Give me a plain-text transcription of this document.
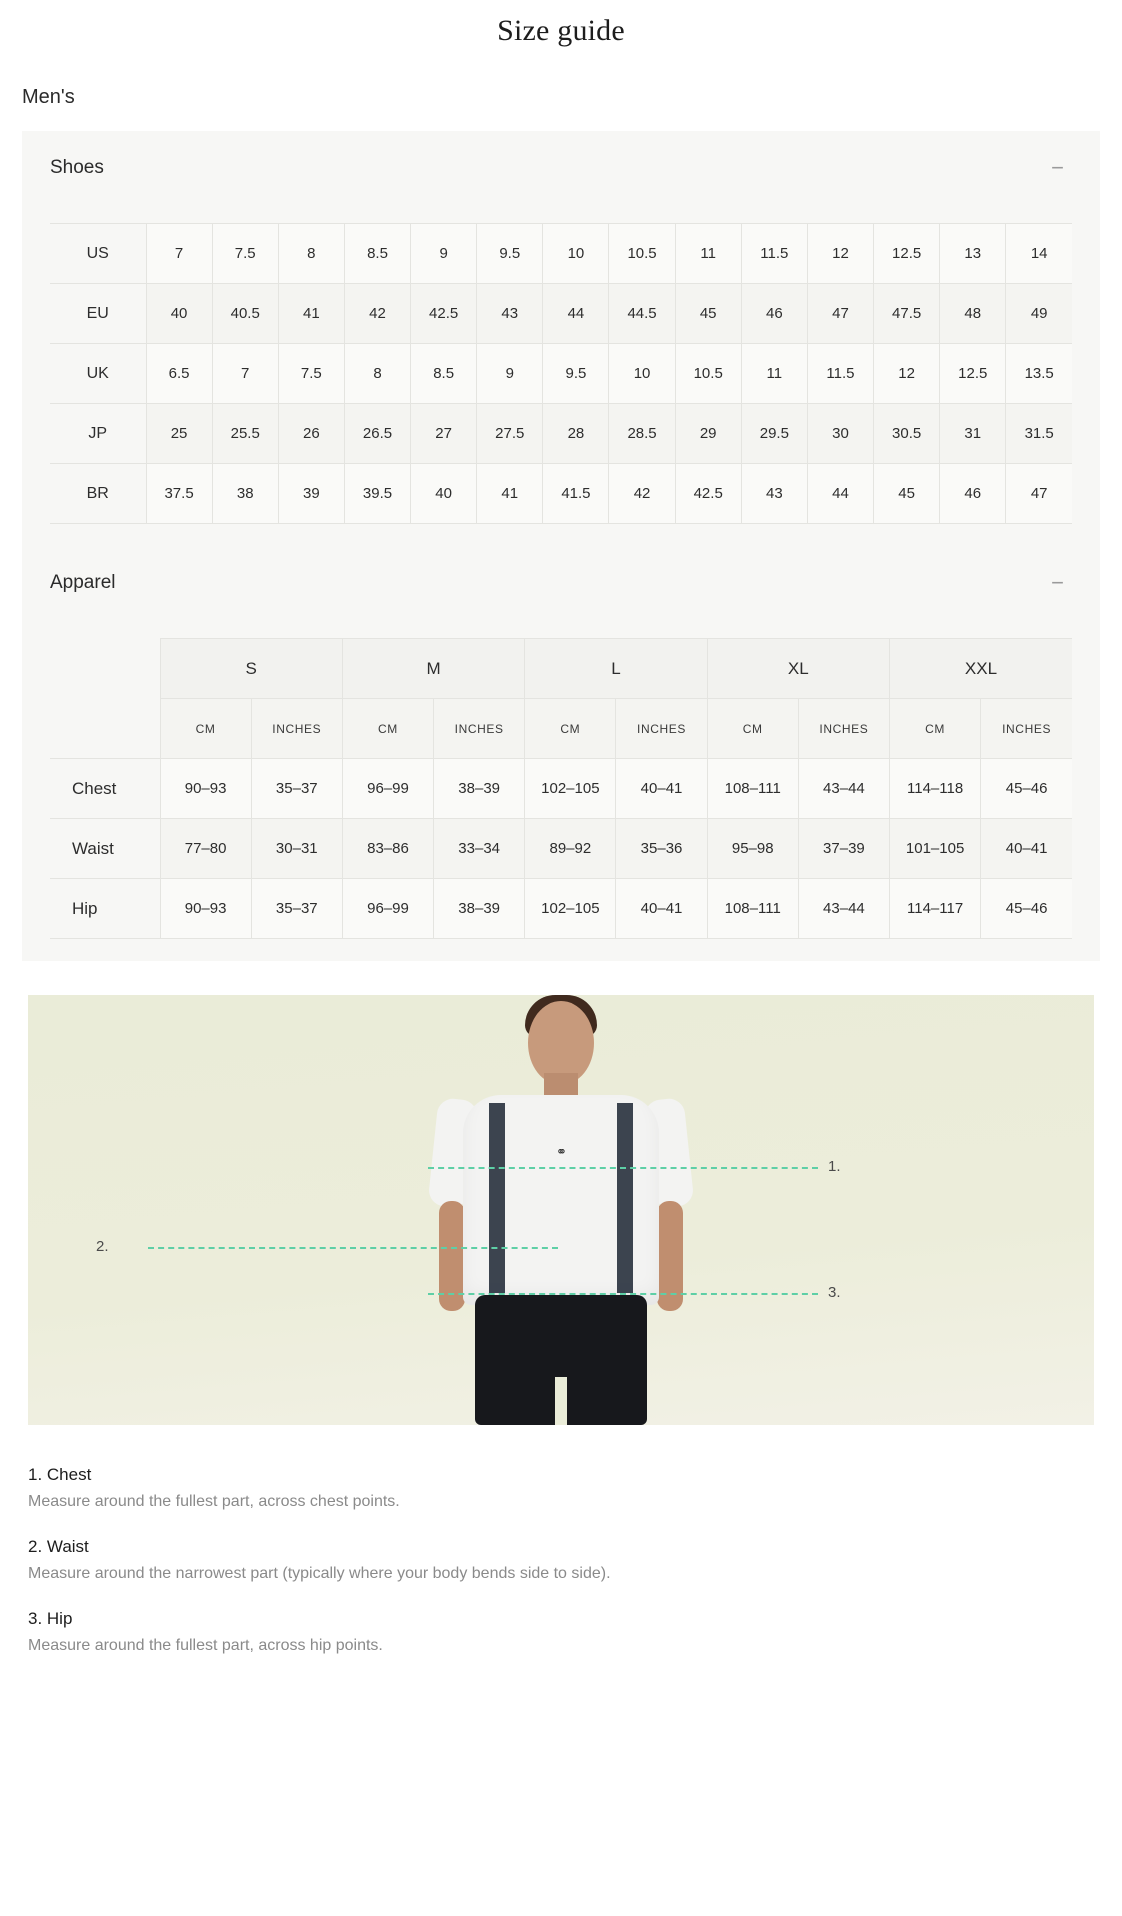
Size guide
Men's
Shoes	−
US	7	7.5	8	8.5	9	9.5	10	10.5	11	11.5	12	12.5	13	14
EU	40	40.5	41	42	42.5	43	44	44.5	45	46	47	47.5	48	49
UK	6.5	7	7.5	8	8.5	9	9.5	10	10.5	11	11.5	12	12.5	13.5
JP	25	25.5	26	26.5	27	27.5	28	28.5	29	29.5	30	30.5	31	31.5
BR	37.5	38	39	39.5	40	41	41.5	42	42.5	43	44	45	46	47
Apparel	−
	S		M		L		XL		XXL	
	CM	INCHES	CM	INCHES	CM	INCHES	CM	INCHES	CM	INCHES
Chest	90–93	35–37	96–99	38–39	102–105	40–41	108–111	43–44	114–118	45–46
Waist	77–80	30–31	83–86	33–34	89–92	35–36	95–98	37–39	101–105	40–41
Hip	90–93	35–37	96–99	38–39	102–105	40–41	108–111	43–44	114–117	45–46
⚭
1.
2.
3.

1. Chest

Measure around the fullest part, across chest points.

2. Waist

Measure around the narrowest part (typically where your body bends side to side).

3. Hip

Measure around the fullest part, across hip points.
